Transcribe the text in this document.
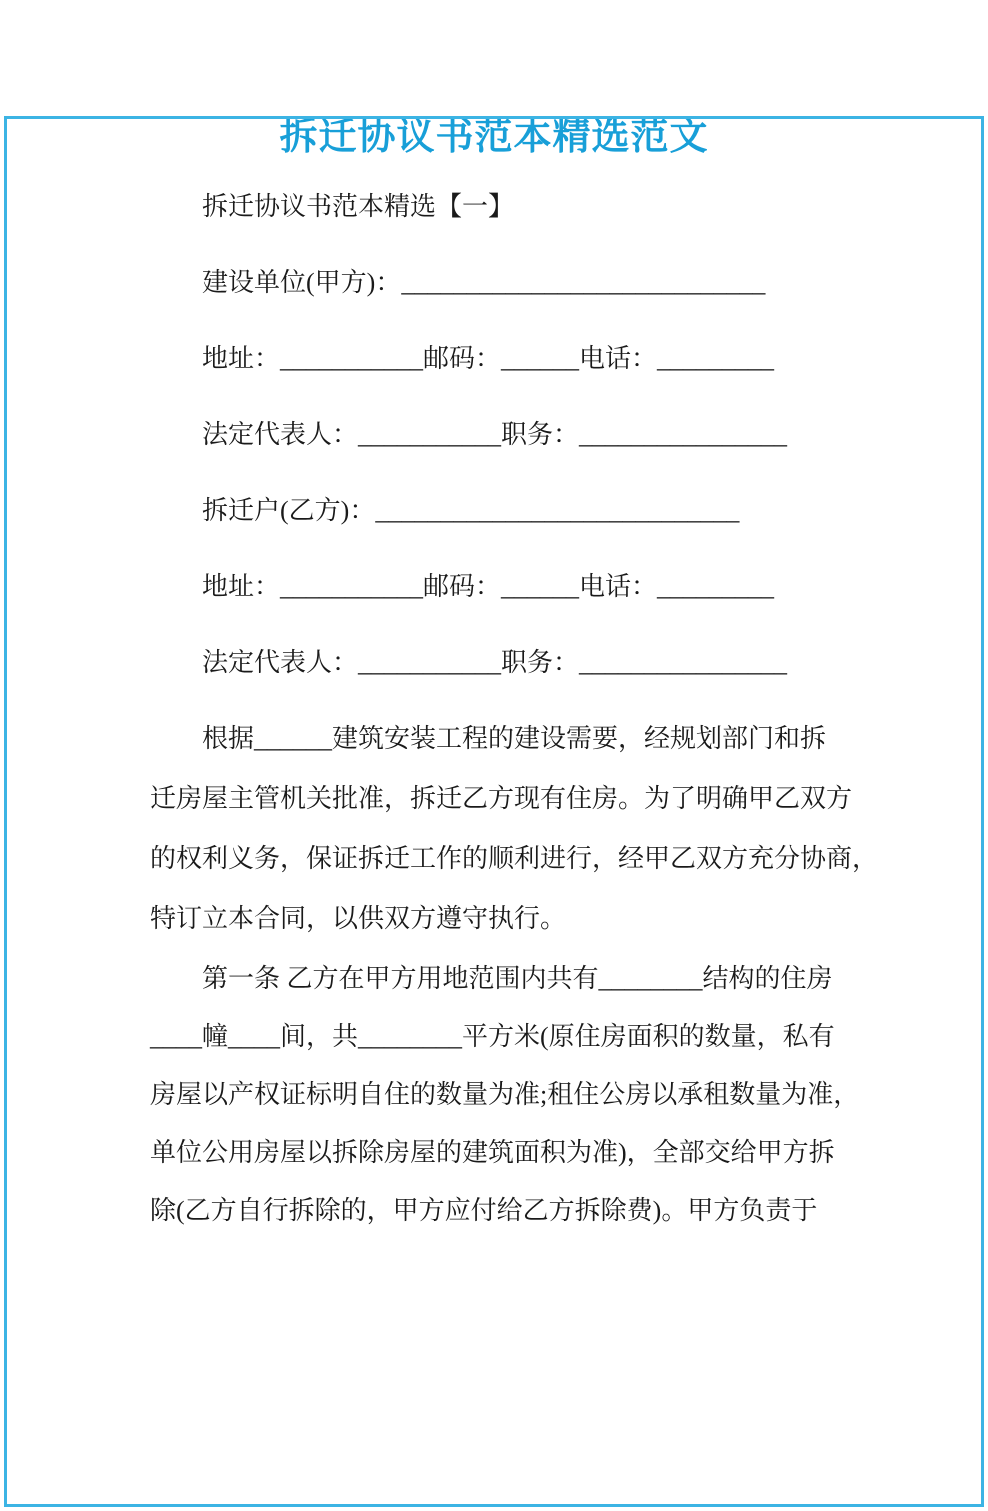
拆迁协议书范本精选范文

拆迁协议书范本精选【一】

建设单位(甲方)：____________________________

地址：___________邮码：______电话：_________

法定代表人：___________职务：________________

拆迁户(乙方)：____________________________

地址：___________邮码：______电话：_________

法定代表人：___________职务：________________

根据______建筑安装工程的建设需要，经规划部门和拆

迁房屋主管机关批准，拆迁乙方现有住房。为了明确甲乙双方

的权利义务，保证拆迁工作的顺利进行，经甲乙双方充分协商，

特订立本合同，以供双方遵守执行。

第一条 乙方在甲方用地范围内共有________结构的住房

____幢____间，共________平方米(原住房面积的数量，私有

房屋以产权证标明自住的数量为准;租住公房以承租数量为准，

单位公用房屋以拆除房屋的建筑面积为准)，全部交给甲方拆

除(乙方自行拆除的，甲方应付给乙方拆除费)。甲方负责于
